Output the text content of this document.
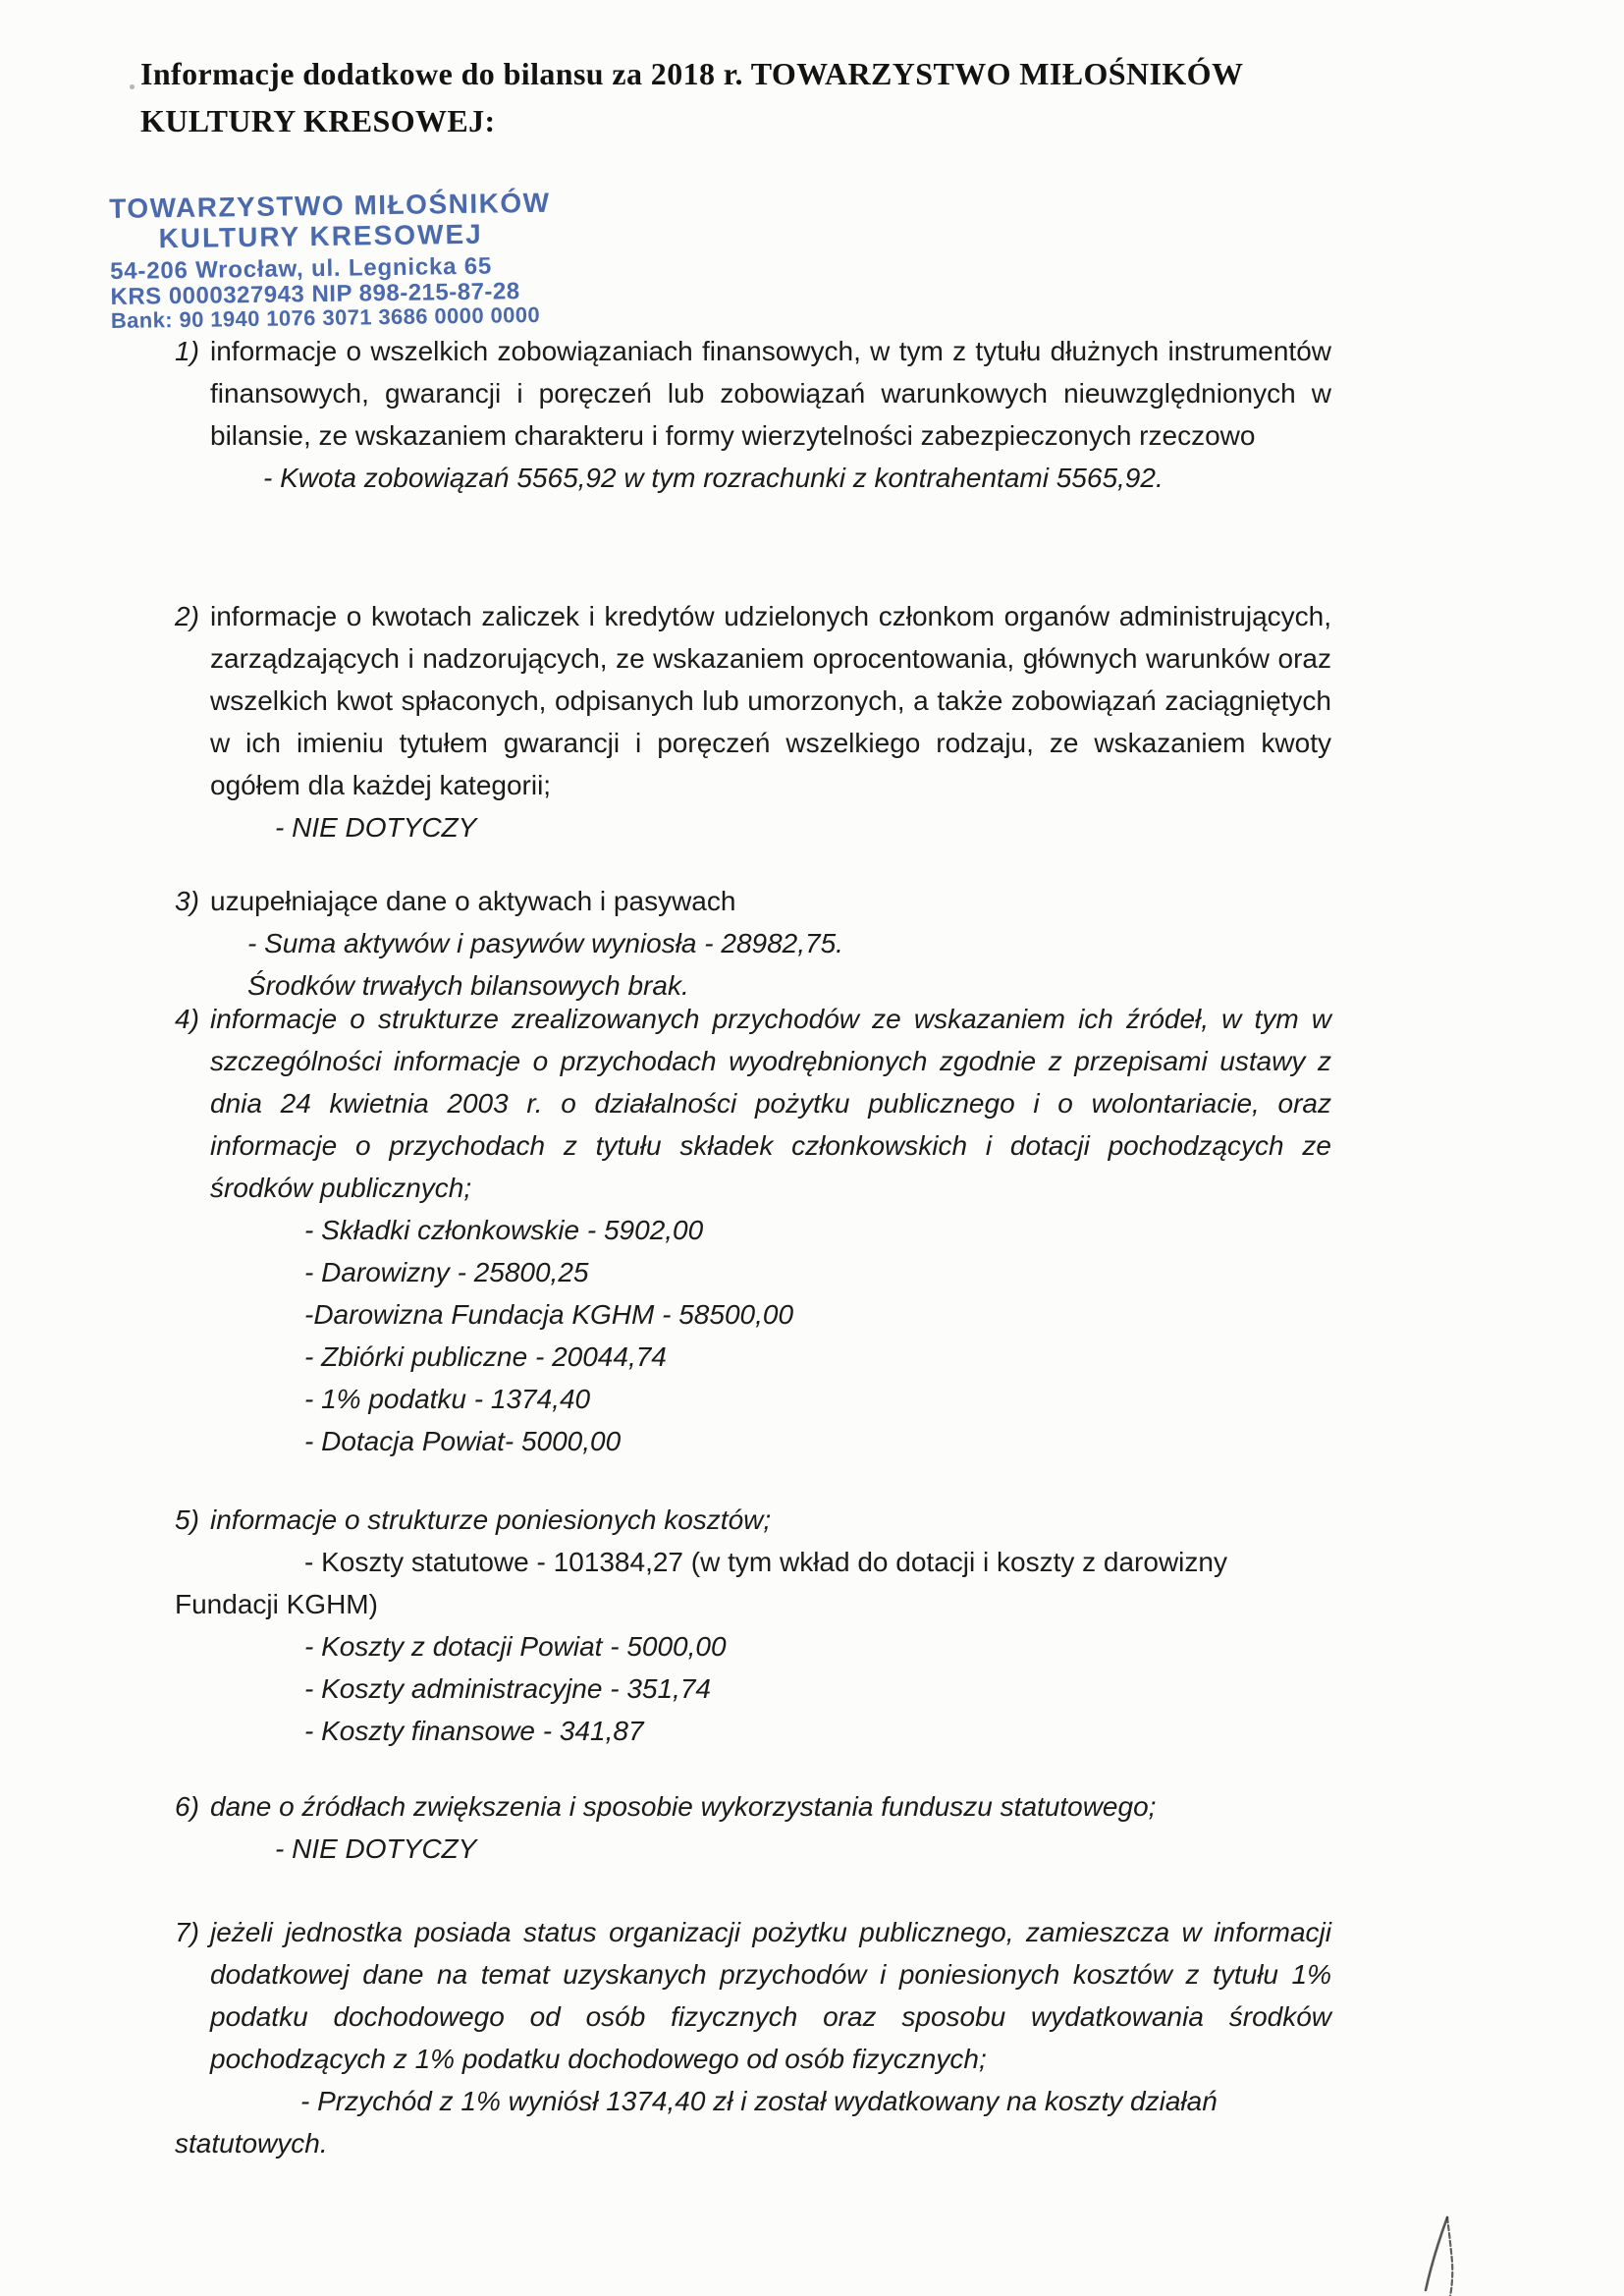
Informacje dodatkowe do bilansu za 2018 r. TOWARZYSTWO MIŁOŚNIKÓW
KULTURY KRESOWEJ:
TOWARZYSTWO MIŁOŚNIKÓW
KULTURY KRESOWEJ
54-206 Wrocław, ul. Legnicka 65
KRS 0000327943 NIP 898-215-87-28
Bank: 90 1940 1076 3071 3686 0000 0000
1) informacje o wszelkich zobowiązaniach finansowych, w tym z tytułu dłużnych instrumentów finansowych, gwarancji i poręczeń lub zobowiązań warunkowych nieuwzględnionych w bilansie, ze wskazaniem charakteru i formy wierzytelności zabezpieczonych rzeczowo

- Kwota zobowiązań 5565,92 w tym rozrachunki z kontrahentami 5565,92.

2) informacje o kwotach zaliczek i kredytów udzielonych członkom organów administrujących, zarządzających i nadzorujących, ze wskazaniem oprocentowania, głównych warunków oraz wszelkich kwot spłaconych, odpisanych lub umorzonych, a także zobowiązań zaciągniętych w ich imieniu tytułem gwarancji i poręczeń wszelkiego rodzaju, ze wskazaniem kwoty ogółem dla każdej kategorii;

- NIE DOTYCZY

3) uzupełniające dane o aktywach i pasywach

- Suma aktywów i pasywów wyniosła - 28982,75.

Środków trwałych bilansowych brak.

4) informacje o strukturze zrealizowanych przychodów ze wskazaniem ich źródeł, w tym w szczególności informacje o przychodach wyodrębnionych zgodnie z przepisami ustawy z dnia 24 kwietnia 2003 r. o działalności pożytku publicznego i o wolontariacie, oraz informacje o przychodach z tytułu składek członkowskich i dotacji pochodzących ze środków publicznych;

- Składki członkowskie - 5902,00

- Darowizny - 25800,25

-Darowizna Fundacja KGHM - 58500,00

- Zbiórki publiczne - 20044,74

- 1% podatku - 1374,40

- Dotacja Powiat- 5000,00

5) informacje o strukturze poniesionych kosztów;

- Koszty statutowe - 101384,27 (w tym wkład do dotacji i koszty z darowizny

Fundacji KGHM)

- Koszty z dotacji Powiat - 5000,00

- Koszty administracyjne - 351,74

- Koszty finansowe - 341,87

6) dane o źródłach zwiększenia i sposobie wykorzystania funduszu statutowego;

- NIE DOTYCZY

7) jeżeli jednostka posiada status organizacji pożytku publicznego, zamieszcza w informacji dodatkowej dane na temat uzyskanych przychodów i poniesionych kosztów z tytułu 1% podatku dochodowego od osób fizycznych oraz sposobu wydatkowania środków pochodzących z 1% podatku dochodowego od osób fizycznych;

- Przychód z 1% wyniósł 1374,40 zł i został wydatkowany na koszty działań

statutowych.
